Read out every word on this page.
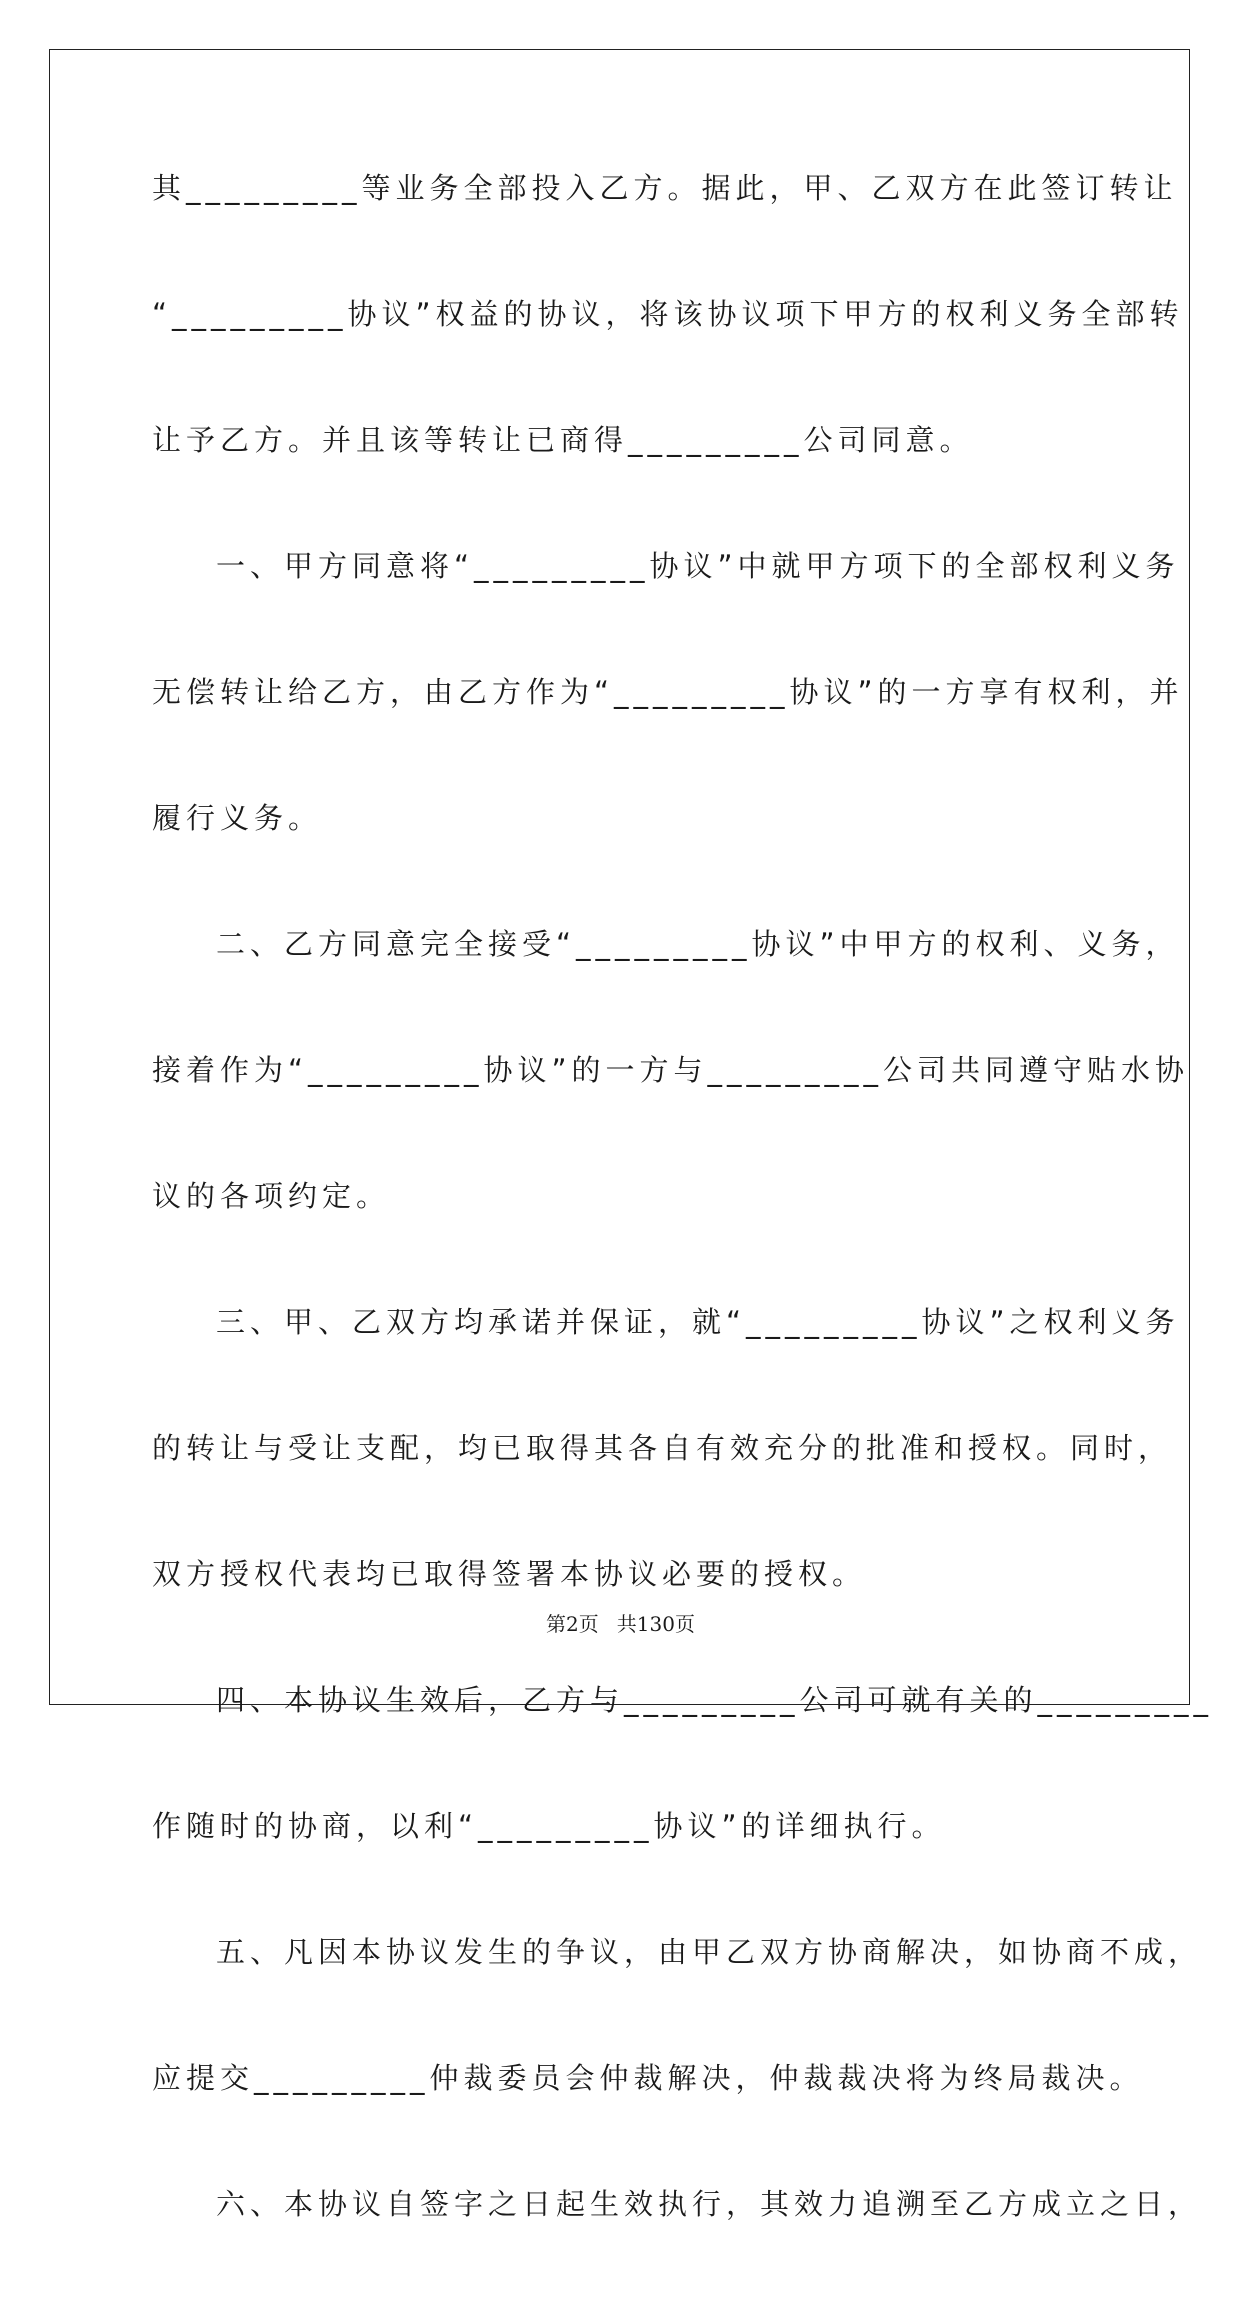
其_________等业务全部投入乙方。据此，甲、乙双方在此签订转让
“_________协议”权益的协议，将该协议项下甲方的权利义务全部转
让予乙方。并且该等转让已商得_________公司同意。
一、甲方同意将“_________协议”中就甲方项下的全部权利义务
无偿转让给乙方，由乙方作为“_________协议”的一方享有权利，并
履行义务。
二、乙方同意完全接受“_________协议”中甲方的权利、义务，
接着作为“_________协议”的一方与_________公司共同遵守贴水协
议的各项约定。
三、甲、乙双方均承诺并保证，就“_________协议”之权利义务
的转让与受让支配，均已取得其各自有效充分的批准和授权。同时，
双方授权代表均已取得签署本协议必要的授权。
四、本协议生效后，乙方与_________公司可就有关的_________
作随时的协商，以利“_________协议”的详细执行。
五、凡因本协议发生的争议，由甲乙双方协商解决，如协商不成，
应提交_________仲裁委员会仲裁解决，仲裁裁决将为终局裁决。
六、本协议自签字之日起生效执行，其效力追溯至乙方成立之日，
第2页 共130页
